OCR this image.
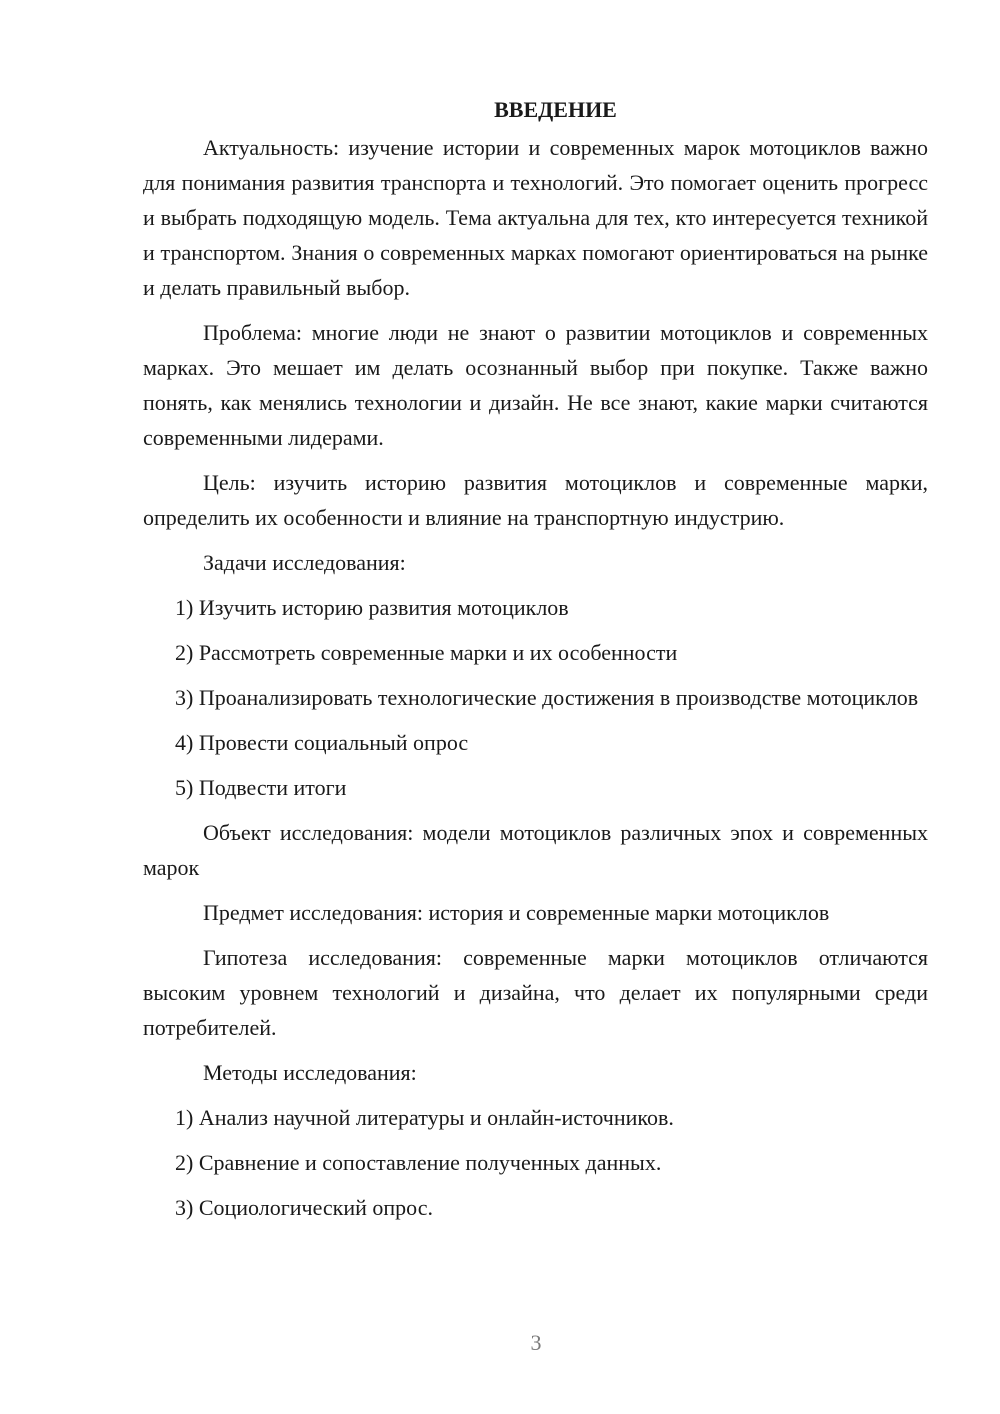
ВВЕДЕНИЕ

Актуальность: изучение истории и современных марок мотоциклов важно для понимания развития транспорта и технологий. Это помогает оценить прогресс и выбрать подходящую модель. Тема актуальна для тех, кто интересуется техникой и транспортом. Знания о современных марках помогают ориентироваться на рынке и делать правильный выбор.

Проблема: многие люди не знают о развитии мотоциклов и современных марках. Это мешает им делать осознанный выбор при покупке. Также важно понять, как менялись технологии и дизайн. Не все знают, какие марки считаются современными лидерами.

Цель: изучить историю развития мотоциклов и современные марки, определить их особенности и влияние на транспортную индустрию.

Задачи исследования:

1) Изучить историю развития мотоциклов

2) Рассмотреть современные марки и их особенности

3) Проанализировать технологические достижения в производстве мотоциклов

4) Провести социальный опрос

5) Подвести итоги

Объект исследования: модели мотоциклов различных эпох и современных марок

Предмет исследования: история и современные марки мотоциклов

Гипотеза исследования: современные марки мотоциклов отличаются высоким уровнем технологий и дизайна, что делает их популярными среди потребителей.

Методы исследования:

1) Анализ научной литературы и онлайн-источников.

2) Сравнение и сопоставление полученных данных.

3) Социологический опрос.

3
